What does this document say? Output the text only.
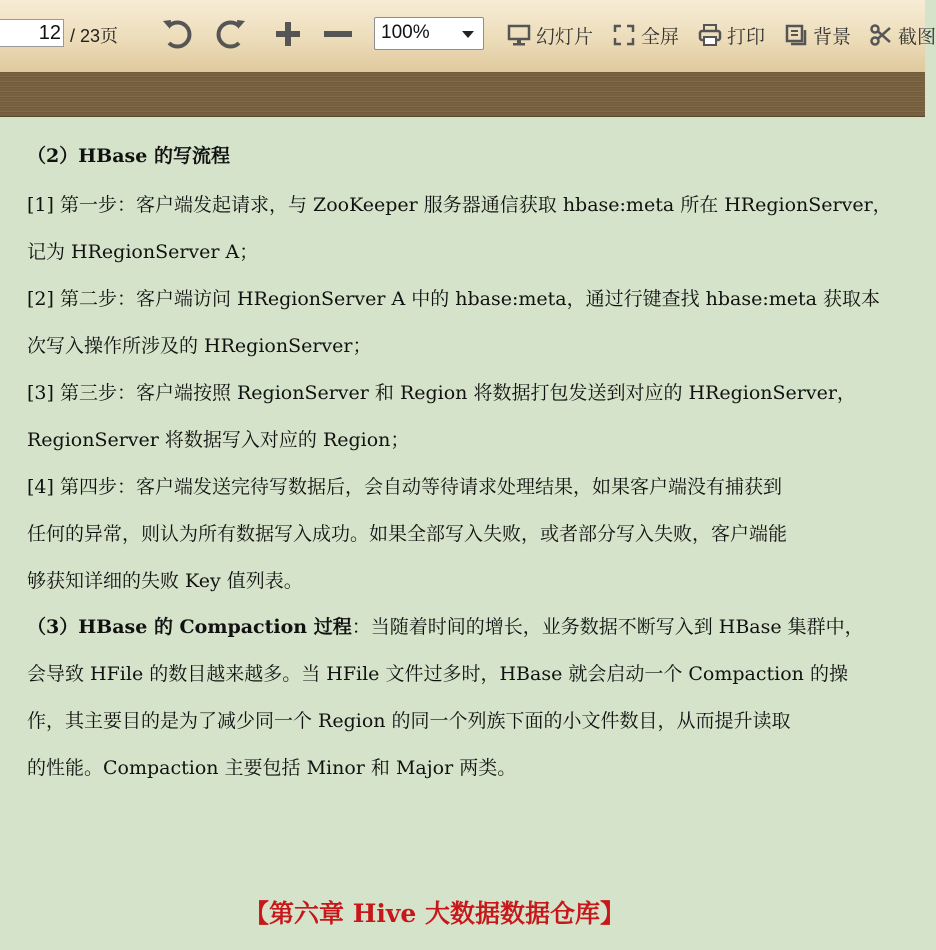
12 / 23页	100%	幻灯片	全屏	打印	背景 截图
（2）HBase 的写流程
[1] 第一步：客户端发起请求，与 ZooKeeper 服务器通信获取 hbase:meta 所在 HRegionServer，
记为 HRegionServer A；
[2] 第二步：客户端访问 HRegionServer A 中的 hbase:meta，通过行键查找 hbase:meta 获取本
次写入操作所涉及的 HRegionServer；
[3] 第三步：客户端按照 RegionServer 和 Region 将数据打包发送到对应的 HRegionServer，
RegionServer 将数据写入对应的 Region；
[4] 第四步：客户端发送完待写数据后，会自动等待请求处理结果，如果客户端没有捕获到
任何的异常，则认为所有数据写入成功。如果全部写入失败，或者部分写入失败，客户端能
够获知详细的失败 Key 值列表。
（3）HBase 的 Compaction 过程：当随着时间的增长，业务数据不断写入到 HBase 集群中，
会导致 HFile 的数目越来越多。当 HFile 文件过多时，HBase 就会启动一个 Compaction 的操
作，其主要目的是为了减少同一个 Region 的同一个列族下面的小文件数目，从而提升读取
的性能。Compaction 主要包括 Minor 和 Major 两类。
【第六章 Hive 大数据数据仓库】
